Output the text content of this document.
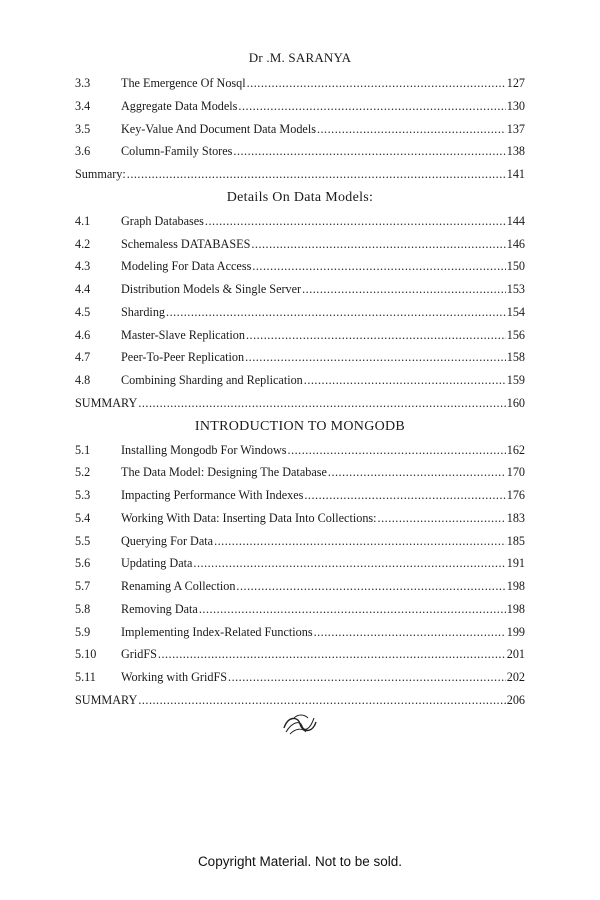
Dr .M. SARANYA
3.3	The Emergence Of Nosql .....	127
3.4	Aggregate Data Models .....	130
3.5	Key-Value And Document Data Models .....	137
3.6	Column-Family Stores .....	138
Summary: .....	141
Details On Data Models:
4.1	Graph Databases .....	144
4.2	Schemaless DATABASES .....	146
4.3	Modeling For Data Access .....	150
4.4	Distribution Models & Single Server .....	153
4.5	Sharding .....	154
4.6	Master-Slave Replication .....	156
4.7	Peer-To-Peer Replication .....	158
4.8	Combining Sharding and Replication .....	159
SUMMARY .....	160
INTRODUCTION TO MONGODB
5.1	Installing Mongodb For Windows .....	162
5.2	The Data Model: Designing The Database .....	170
5.3	Impacting Performance With Indexes .....	176
5.4	Working With Data: Inserting Data Into Collections: .....	183
5.5	Querying For Data .....	185
5.6	Updating Data .....	191
5.7	Renaming A Collection .....	198
5.8	Removing Data .....	198
5.9	Implementing Index-Related Functions .....	199
5.10	GridFS .....	201
5.11	Working with GridFS .....	202
SUMMARY .....	206
Copyright Material. Not to be sold.
